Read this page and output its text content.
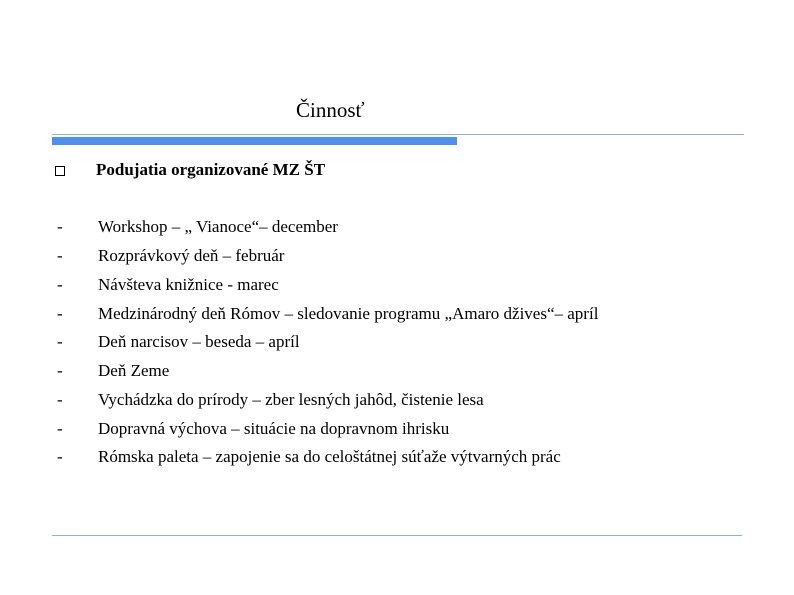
Činnosť
Podujatia organizované MZ ŠT
-	Workshop – „ Vianoce“– december
-	Rozprávkový deň – február
-	Návšteva knižnice - marec
-	Medzinárodný deň Rómov – sledovanie programu „Amaro džives“– apríl
-	Deň narcisov – beseda – apríl
-	Deň Zeme
-	Vychádzka do prírody – zber lesných jahôd, čistenie lesa
-	Dopravná výchova – situácie na dopravnom ihrisku
-	Rómska paleta – zapojenie sa do celoštátnej súťaže výtvarných prác
